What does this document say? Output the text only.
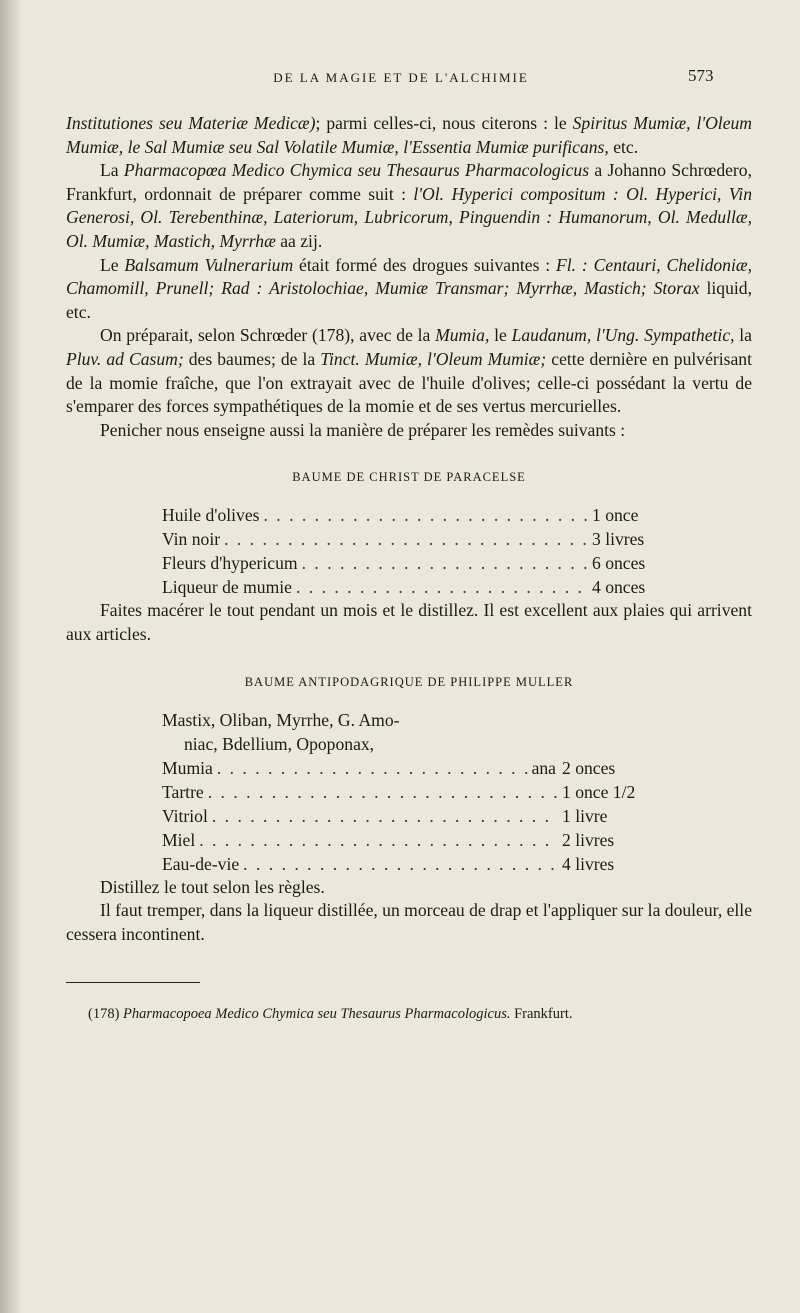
DE LA MAGIE ET DE L'ALCHIMIE	573

Institutiones seu Materiæ Medicæ); parmi celles-ci, nous citerons : le Spiritus Mumiæ, l'Oleum Mumiæ, le Sal Mumiæ seu Sal Volatile Mumiæ, l'Essentia Mumiæ purificans, etc.

La Pharmacopœa Medico Chymica seu Thesaurus Pharmacologicus a Johanno Schrœdero, Frankfurt, ordonnait de préparer comme suit : l'Ol. Hyperici compositum : Ol. Hyperici, Vin Generosi, Ol. Terebenthinæ, Lateriorum, Lubricorum, Pinguendin : Humanorum, Ol. Medullæ, Ol. Mumiæ, Mastich, Myrrhæ aa zij.

Le Balsamum Vulnerarium était formé des drogues suivantes : Fl. : Centauri, Chelidoniæ, Chamomill, Prunell; Rad : Aristolochiae, Mumiæ Transmar; Myrrhæ, Mastich; Storax liquid, etc.

On préparait, selon Schrœder (178), avec de la Mumia, le Laudanum, l'Ung. Sympathetic, la Pluv. ad Casum; des baumes; de la Tinct. Mumiæ, l'Oleum Mumiæ; cette dernière en pulvérisant de la momie fraîche, que l'on extrayait avec de l'huile d'olives; celle-ci possédant la vertu de s'emparer des forces sympathétiques de la momie et de ses vertus mercurielles.

Penicher nous enseigne aussi la manière de préparer les remèdes suivants :

BAUME DE CHRIST DE PARACELSE
Huile d'olives . . .	1 once
Vin noir . . .	3 livres
Fleurs d'hypericum . . .	6 onces
Liqueur de mumie . . .	4 onces

Faites macérer le tout pendant un mois et le distillez. Il est excellent aux plaies qui arrivent aux articles.

BAUME ANTIPODAGRIQUE DE PHILIPPE MULLER
Mastix, Oliban, Myrrhe, G. Amo-
niac, Bdellium, Opoponax,
Mumia . . .	ana 2 onces
Tartre . . .	1 once 1/2
Vitriol . . .	1 livre
Miel . . .	2 livres
Eau-de-vie . . .	4 livres

Distillez le tout selon les règles.

Il faut tremper, dans la liqueur distillée, un morceau de drap et l'appliquer sur la douleur, elle cessera incontinent.

(178) Pharmacopoea Medico Chymica seu Thesaurus Pharmacologicus. Frankfurt.
